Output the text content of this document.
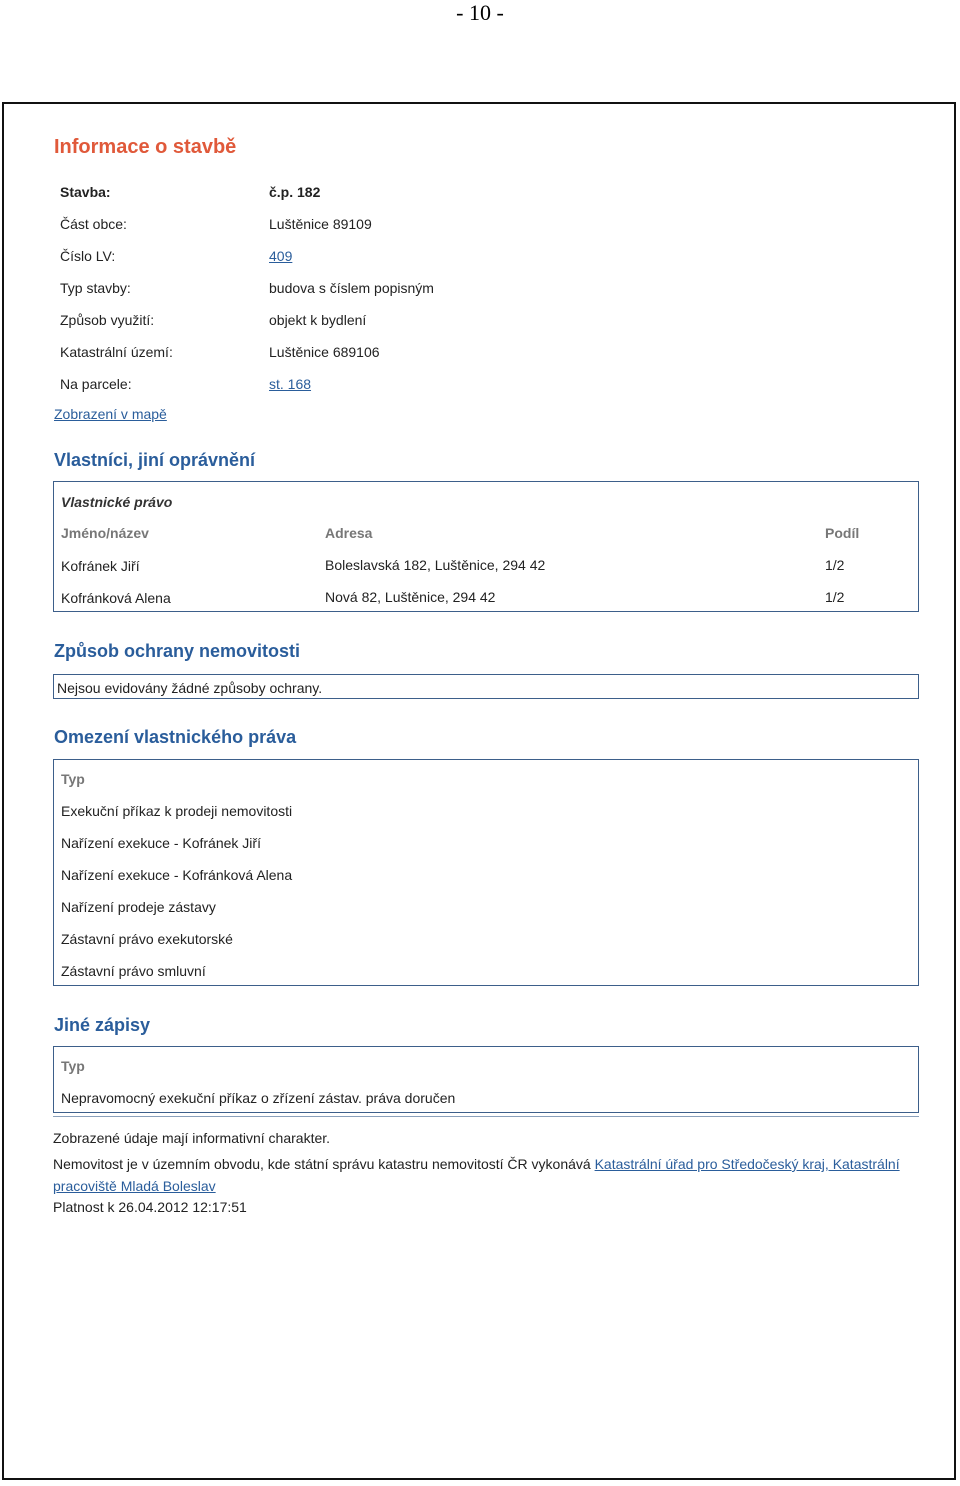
- 10 -
Informace o stavbě
Stavba:	č.p. 182
Část obce:	Luštěnice 89109
Číslo LV:	409
Typ stavby:	budova s číslem popisným
Způsob využití:	objekt k bydlení
Katastrální území:	Luštěnice 689106
Na parcele:	st. 168
Zobrazení v mapě
Vlastníci, jiní oprávnění
Vlastnické právo
Jméno/název	Adresa	Podíl
Kofránek Jiří	Boleslavská 182, Luštěnice, 294 42	1/2
Kofránková Alena	Nová 82, Luštěnice, 294 42	1/2
Způsob ochrany nemovitosti
Nejsou evidovány žádné způsoby ochrany.
Omezení vlastnického práva
Typ
Exekuční příkaz k prodeji nemovitosti
Nařízení exekuce - Kofránek Jiří
Nařízení exekuce - Kofránková Alena
Nařízení prodeje zástavy
Zástavní právo exekutorské
Zástavní právo smluvní
Jiné zápisy
Typ
Nepravomocný exekuční příkaz o zřízení zástav. práva doručen
Zobrazené údaje mají informativní charakter.
Nemovitost je v územním obvodu, kde státní správu katastru nemovitostí ČR vykonává Katastrální úřad pro Středočeský kraj, Katastrální
pracoviště Mladá Boleslav
Platnost k 26.04.2012 12:17:51
